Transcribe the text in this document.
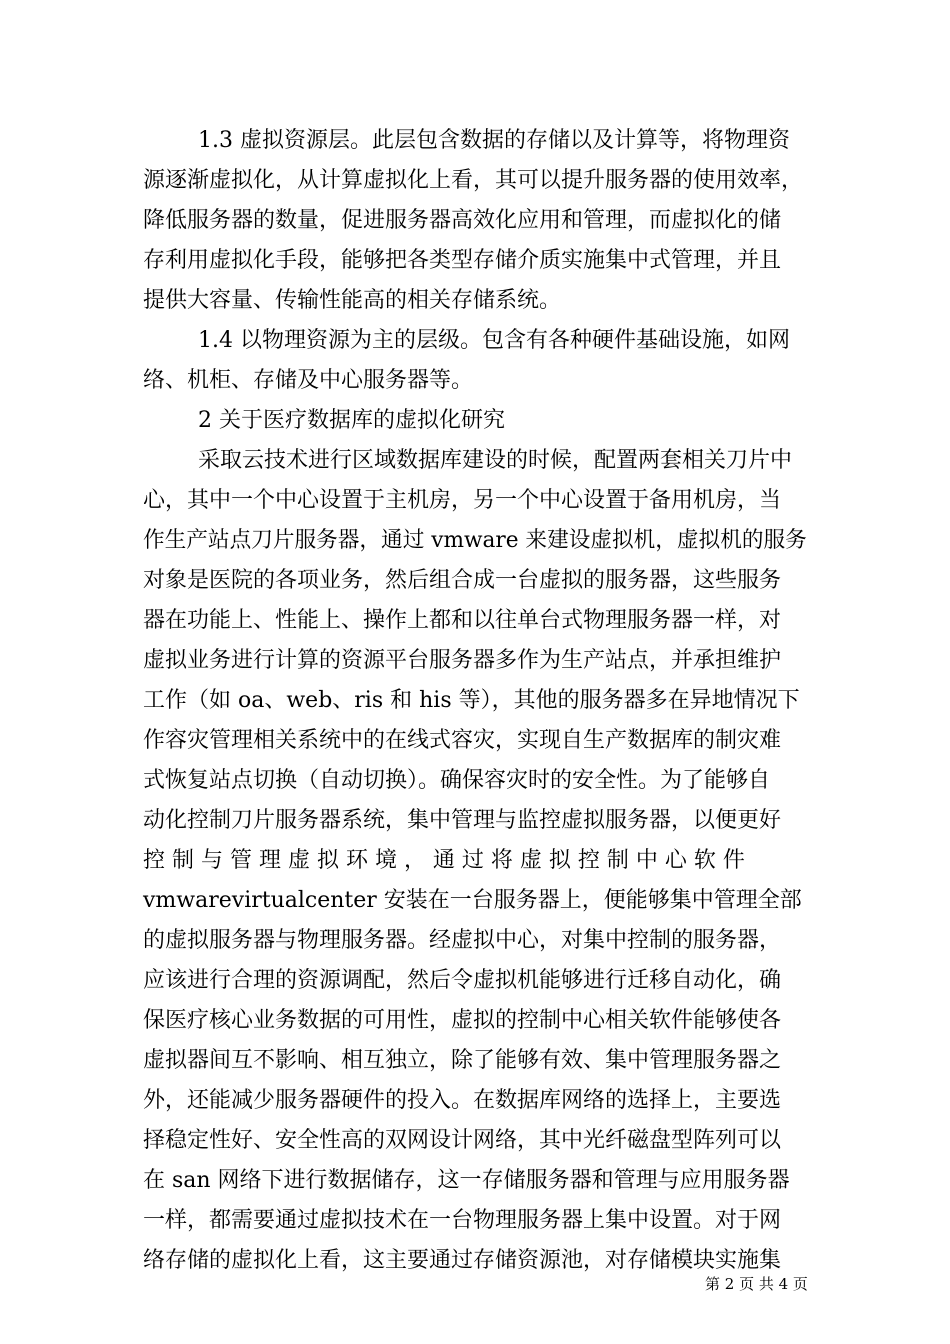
1.3 虚拟资源层。此层包含数据的存储以及计算等，将物理资
源逐渐虚拟化，从计算虚拟化上看，其可以提升服务器的使用效率，
降低服务器的数量，促进服务器高效化应用和管理，而虚拟化的储
存利用虚拟化手段，能够把各类型存储介质实施集中式管理，并且
提供大容量、传输性能高的相关存储系统。
1.4 以物理资源为主的层级。包含有各种硬件基础设施，如网
络、机柜、存储及中心服务器等。
2 关于医疗数据库的虚拟化研究
采取云技术进行区域数据库建设的时候，配置两套相关刀片中
心，其中一个中心设置于主机房，另一个中心设置于备用机房，当
作生产站点刀片服务器，通过 vmware 来建设虚拟机，虚拟机的服务
对象是医院的各项业务，然后组合成一台虚拟的服务器，这些服务
器在功能上、性能上、操作上都和以往单台式物理服务器一样，对
虚拟业务进行计算的资源平台服务器多作为生产站点，并承担维护
工作（如 oa、web、ris 和 his 等），其他的服务器多在异地情况下
作容灾管理相关系统中的在线式容灾，实现自生产数据库的制灾难
式恢复站点切换（自动切换）。确保容灾时的安全性。为了能够自
动化控制刀片服务器系统，集中管理与监控虚拟服务器，以便更好
控 制 与 管 理 虚 拟 环 境 ， 通 过 将 虚 拟 控 制 中 心 软 件
vmwarevirtualcenter 安装在一台服务器上，便能够集中管理全部
的虚拟服务器与物理服务器。经虚拟中心，对集中控制的服务器，
应该进行合理的资源调配，然后令虚拟机能够进行迁移自动化，确
保医疗核心业务数据的可用性，虚拟的控制中心相关软件能够使各
虚拟器间互不影响、相互独立，除了能够有效、集中管理服务器之
外，还能减少服务器硬件的投入。在数据库网络的选择上，主要选
择稳定性好、安全性高的双网设计网络，其中光纤磁盘型阵列可以
在 san 网络下进行数据储存，这一存储服务器和管理与应用服务器
一样，都需要通过虚拟技术在一台物理服务器上集中设置。对于网
络存储的虚拟化上看，这主要通过存储资源池，对存储模块实施集
第 2 页 共 4 页
